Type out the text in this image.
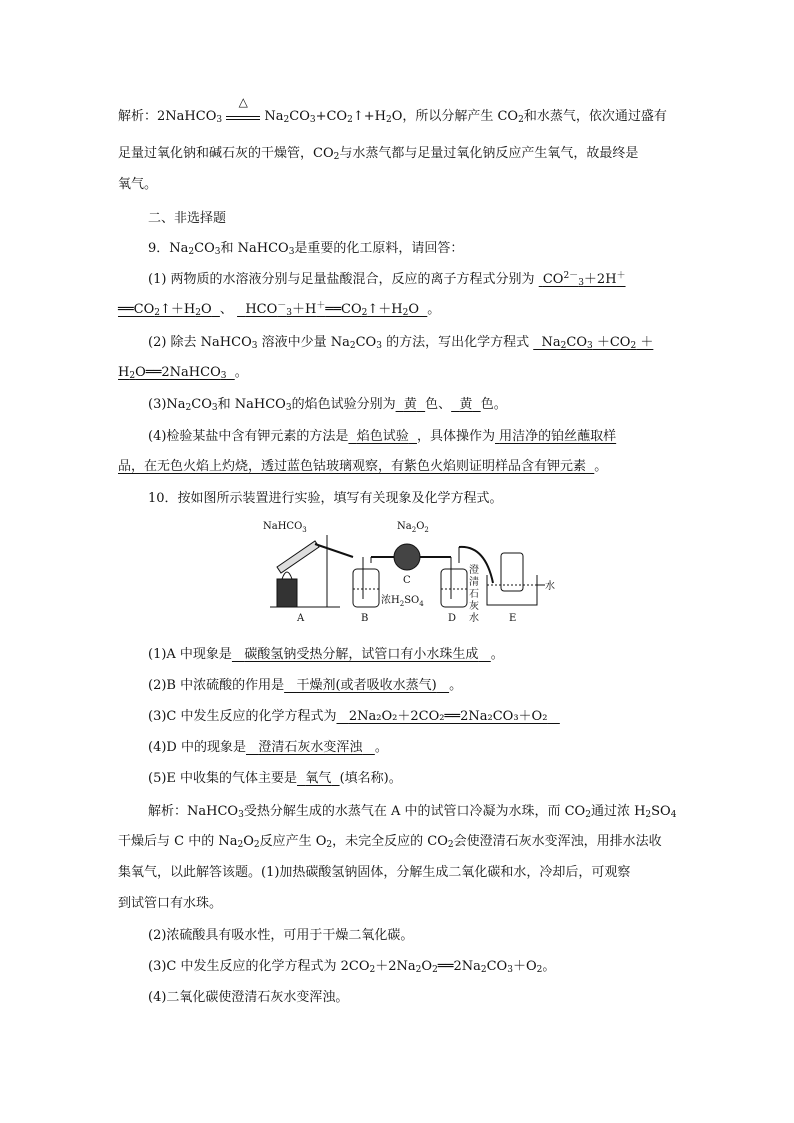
解析：2NaHCO$_3$
△
$Na_2CO_3+CO_2↑+H_2O$，所以分解产生 $CO_2$和水蒸气，依次通过盛有
足量过氧化钠和碱石灰的干燥管，$CO_2$与水蒸气都与足量过氧化钠反应产生氧气，故最终是
氧气。
二、非选择题
9．$Na_2CO_3$和 NaHCO$_3$是重要的化工原料，请回答：
(1) 两物质的水溶液分别与足量盐酸混合，反应的离子方程式分别为 $CO^{2-}_3+2H^+$
$══CO_2↑+H_2O$ 、 $HCO^-_3+H^+══CO_2↑+H_2O$ 。
(2) 除去 NaHCO$_3$ 溶液中少量 $Na_2CO_3$ 的方法，写出化学方程式 $Na_2CO_3 +CO_2$ ＋
$H_2O══2NaHCO_3$ 。
$(3)Na_2CO_3$和 NaHCO$_3$的焰色试验分别为 黄 色、 黄 色。
(4)检验某盐中含有钾元素的方法是 焰色试验 ，具体操作为 用洁净的铂丝蘸取样
品，在无色火焰上灼烧，透过蓝色钴玻璃观察，有紫色火焰则证明样品含有钾元素 。
10．按如图所示装置进行实验，填写有关现象及化学方程式。
NaHCO$_3$	$Na_2O_2$
浓$H_2SO_4$
澄
清
石
灰
水
水
A	B
C
D	E
(1)A 中现象是 碳酸氢钠受热分解，试管口有小水珠生成 。
(2)B 中浓硫酸的作用是 干燥剂(或者吸收水蒸气) 。
(3)C 中发生反应的化学方程式为 2Na₂O₂＋2CO₂══2Na₂CO₃＋O₂
(4)D 中的现象是 澄清石灰水变浑浊 。
(5)E 中收集的气体主要是 氧气 (填名称)。
解析：NaHCO$_3$受热分解生成的水蒸气在 A 中的试管口冷凝为水珠，而 $CO_2$通过浓 $H_2SO_4$
干燥后与 C 中的 $Na_2O_2$反应产生 $O_2$，未完全反应的 $CO_2$会使澄清石灰水变浑浊，用排水法收
集氧气，以此解答该题。(1)加热碳酸氢钠固体，分解生成二氧化碳和水，冷却后，可观察
到试管口有水珠。
(2)浓硫酸具有吸水性，可用于干燥二氧化碳。
(3)C 中发生反应的化学方程式为 $2CO_2+2Na_2O_2══2Na_2CO_3+O_2$。
(4)二氧化碳使澄清石灰水变浑浊。
